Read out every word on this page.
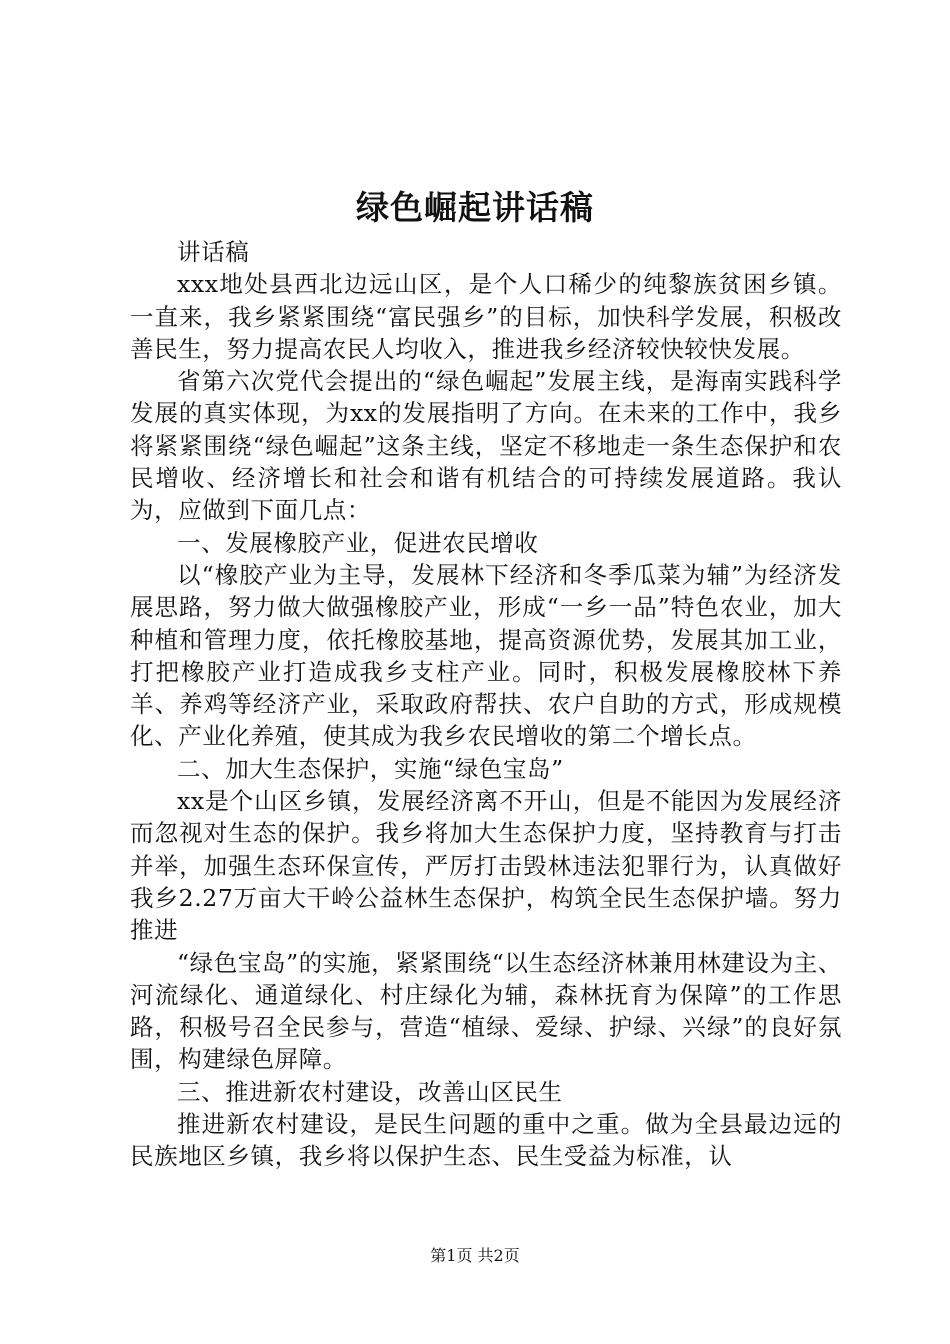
绿色崛起讲话稿

讲话稿

xxx地处县西北边远山区，是个人口稀少的纯黎族贫困乡镇。一直来，我乡紧紧围绕“富民强乡”的目标，加快科学发展，积极改善民生，努力提高农民人均收入，推进我乡经济较快较快发展。

省第六次党代会提出的“绿色崛起”发展主线，是海南实践科学发展的真实体现，为xx的发展指明了方向。在未来的工作中，我乡将紧紧围绕“绿色崛起”这条主线，坚定不移地走一条生态保护和农民增收、经济增长和社会和谐有机结合的可持续发展道路。我认为，应做到下面几点：

一、发展橡胶产业，促进农民增收

以“橡胶产业为主导，发展林下经济和冬季瓜菜为辅”为经济发展思路，努力做大做强橡胶产业，形成“一乡一品”特色农业，加大种植和管理力度，依托橡胶基地，提高资源优势，发展其加工业，打把橡胶产业打造成我乡支柱产业。同时，积极发展橡胶林下养羊、养鸡等经济产业，采取政府帮扶、农户自助的方式，形成规模化、产业化养殖，使其成为我乡农民增收的第二个增长点。

二、加大生态保护，实施“绿色宝岛”

xx是个山区乡镇，发展经济离不开山，但是不能因为发展经济而忽视对生态的保护。我乡将加大生态保护力度，坚持教育与打击并举，加强生态环保宣传，严厉打击毁林违法犯罪行为，认真做好我乡2.27万亩大干岭公益林生态保护，构筑全民生态保护墙。努力推进

“绿色宝岛”的实施，紧紧围绕“以生态经济林兼用林建设为主、河流绿化、通道绿化、村庄绿化为辅，森林抚育为保障”的工作思路，积极号召全民参与，营造“植绿、爱绿、护绿、兴绿”的良好氛围，构建绿色屏障。

三、推进新农村建设，改善山区民生

推进新农村建设，是民生问题的重中之重。做为全县最边远的民族地区乡镇，我乡将以保护生态、民生受益为标准，认

第1页 共2页
